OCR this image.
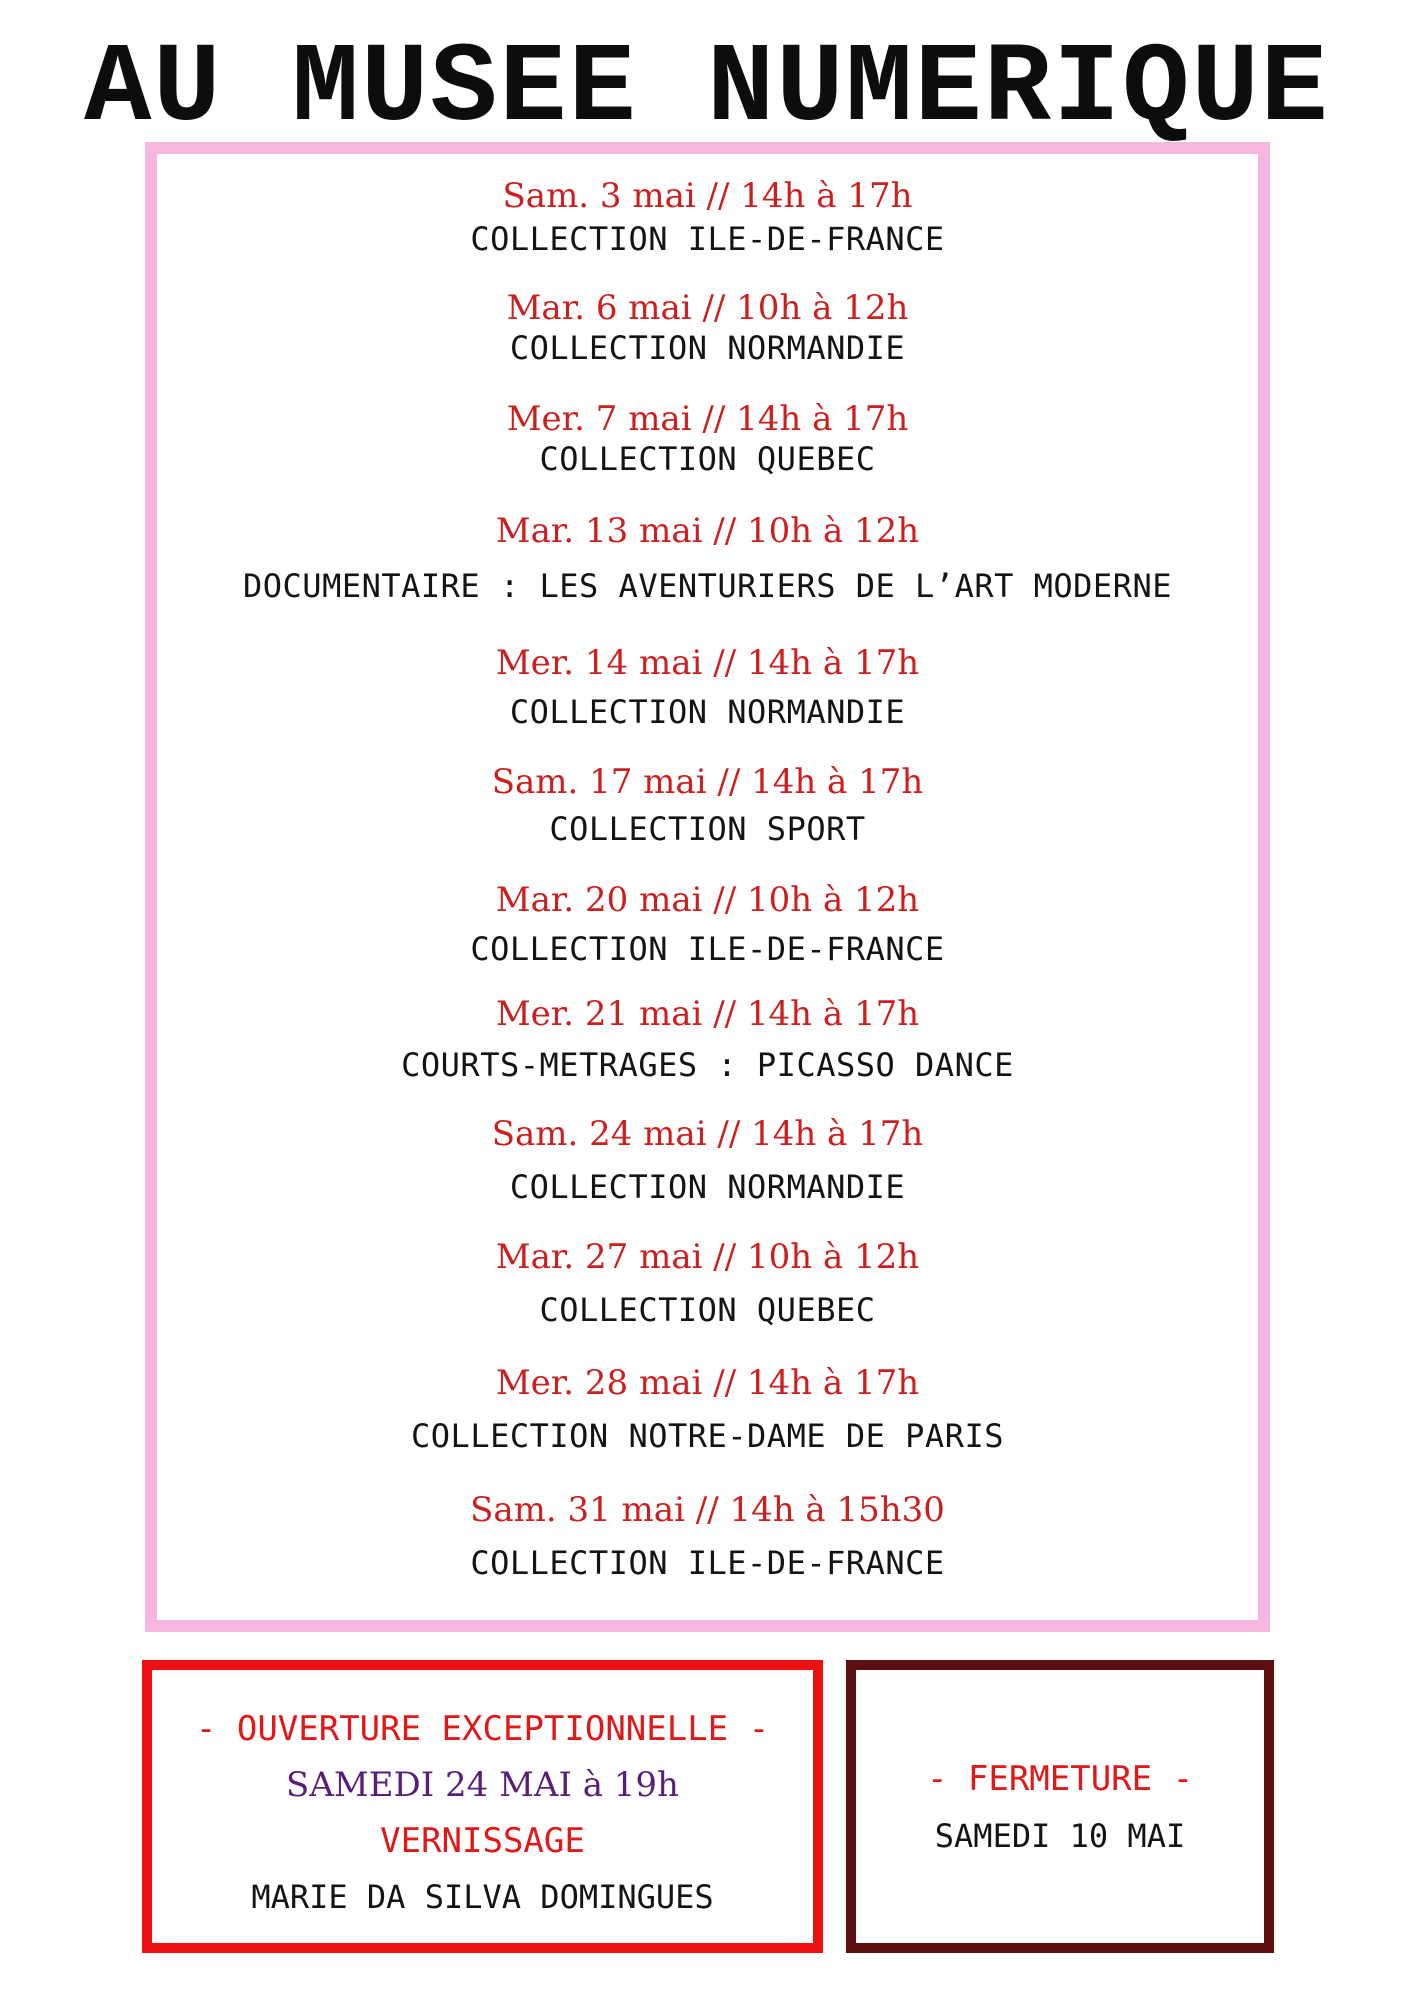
AU MUSEE NUMERIQUE
Sam. 3 mai // 14h à 17h
COLLECTION ILE-DE-FRANCE
Mar. 6 mai // 10h à 12h
COLLECTION NORMANDIE
Mer. 7 mai // 14h à 17h
COLLECTION QUEBEC
Mar. 13 mai // 10h à 12h
DOCUMENTAIRE : LES AVENTURIERS DE L’ART MODERNE
Mer. 14 mai // 14h à 17h
COLLECTION NORMANDIE
Sam. 17 mai // 14h à 17h
COLLECTION SPORT
Mar. 20 mai // 10h à 12h
COLLECTION ILE-DE-FRANCE
Mer. 21 mai // 14h à 17h
COURTS-METRAGES : PICASSO DANCE
Sam. 24 mai // 14h à 17h
COLLECTION NORMANDIE
Mar. 27 mai // 10h à 12h
COLLECTION QUEBEC
Mer. 28 mai // 14h à 17h
COLLECTION NOTRE-DAME DE PARIS
Sam. 31 mai // 14h à 15h30
COLLECTION ILE-DE-FRANCE
- OUVERTURE EXCEPTIONNELLE -
SAMEDI 24 MAI à 19h
VERNISSAGE
MARIE DA SILVA DOMINGUES
- FERMETURE -
SAMEDI 10 MAI
